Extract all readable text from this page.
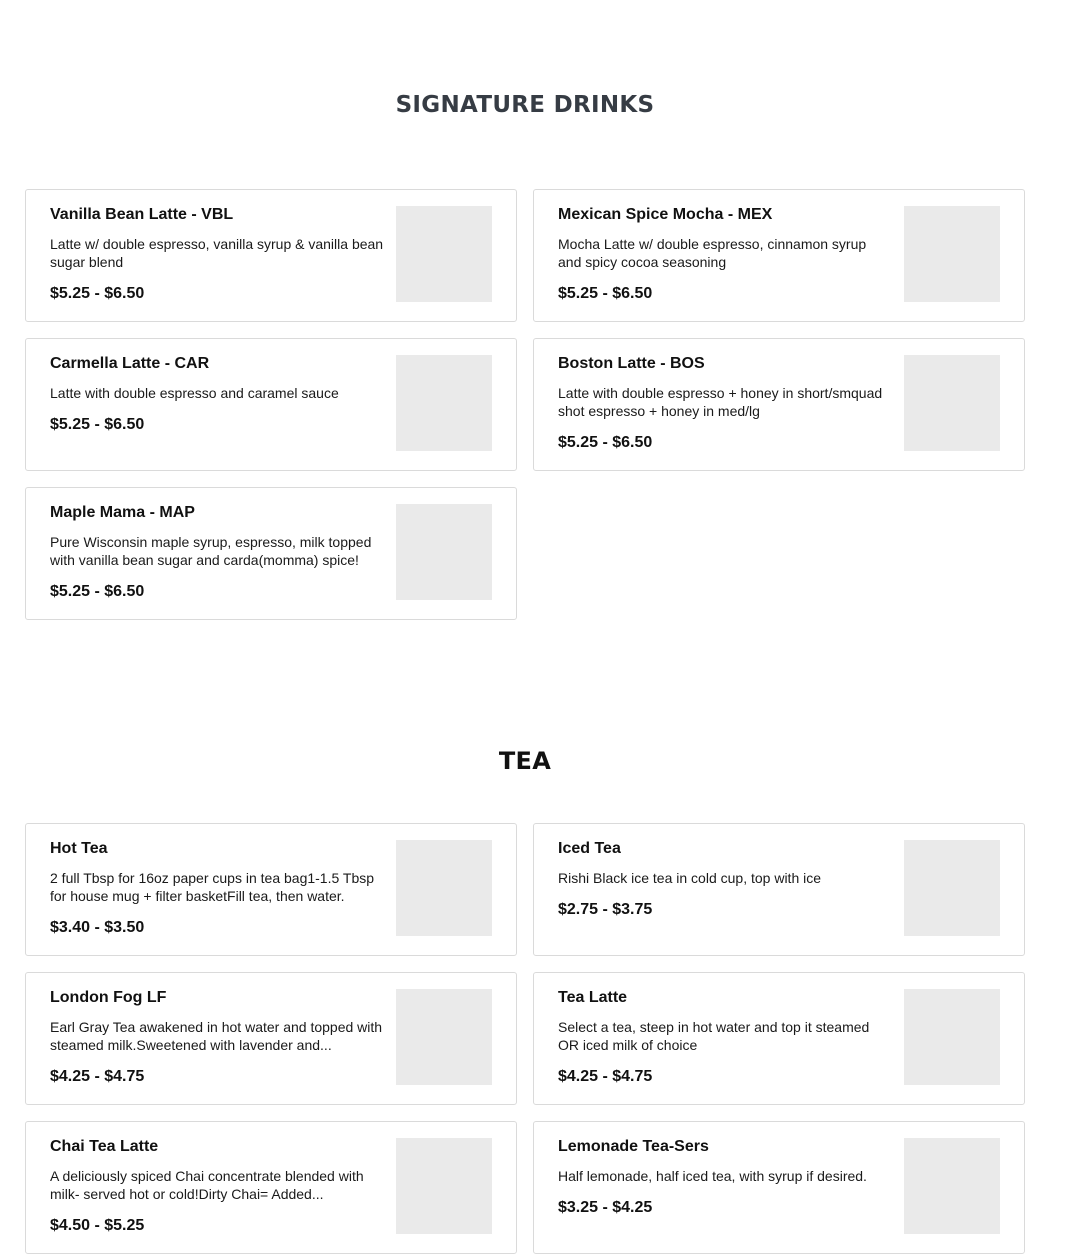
SIGNATURE DRINKS
Vanilla Bean Latte - VBL
Latte w/ double espresso, vanilla syrup & vanilla bean sugar blend
$5.25 - $6.50
Mexican Spice Mocha - MEX
Mocha Latte w/ double espresso, cinnamon syrup and spicy cocoa seasoning
$5.25 - $6.50
Carmella Latte - CAR
Latte with double espresso and caramel sauce
$5.25 - $6.50
Boston Latte - BOS
Latte with double espresso + honey in short/smquad shot espresso + honey in med/lg
$5.25 - $6.50
Maple Mama - MAP
Pure Wisconsin maple syrup, espresso, milk topped with vanilla bean sugar and carda(momma) spice!
$5.25 - $6.50
TEA
Hot Tea
2 full Tbsp for 16oz paper cups in tea bag1-1.5 Tbsp for house mug + filter basketFill tea, then water.
$3.40 - $3.50
Iced Tea
Rishi Black ice tea in cold cup, top with ice
$2.75 - $3.75
London Fog LF
Earl Gray Tea awakened in hot water and topped with steamed milk.Sweetened with lavender and...
$4.25 - $4.75
Tea Latte
Select a tea, steep in hot water and top it steamed OR iced milk of choice
$4.25 - $4.75
Chai Tea Latte
A deliciously spiced Chai concentrate blended with milk- served hot or cold!Dirty Chai= Added...
$4.50 - $5.25
Lemonade Tea-Sers
Half lemonade, half iced tea, with syrup if desired.
$3.25 - $4.25
